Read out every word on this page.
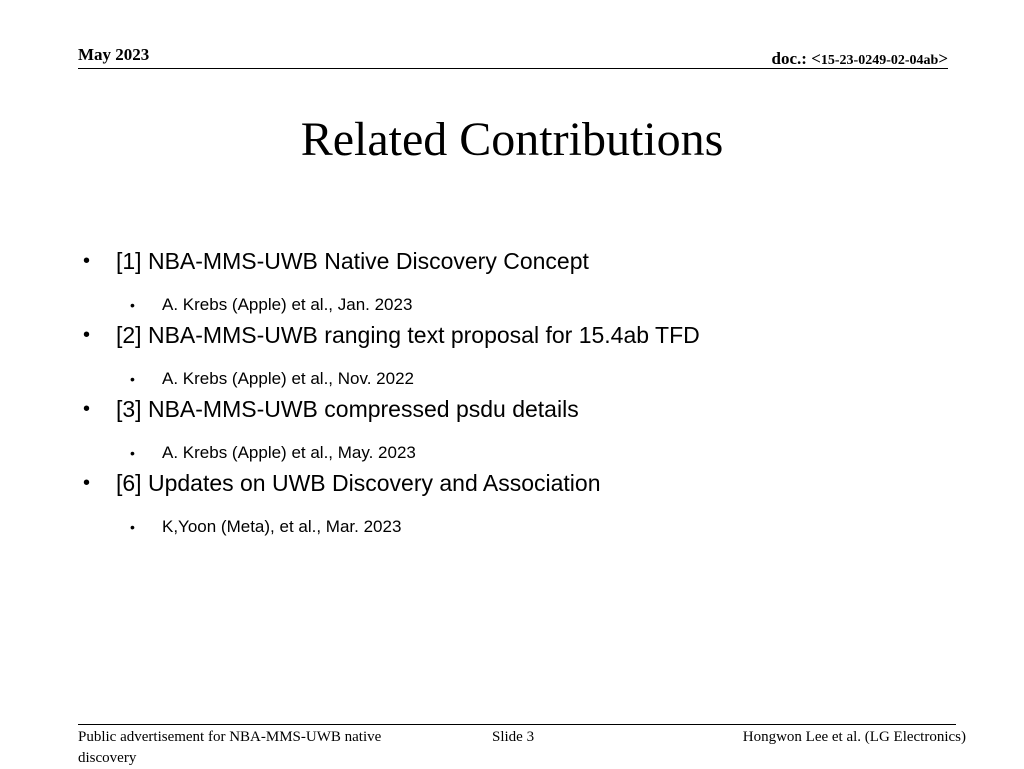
May 2023	doc.: <15-23-0249-02-04ab>
Related Contributions
• [1] NBA-MMS-UWB Native Discovery Concept
• A. Krebs (Apple) et al., Jan. 2023
• [2] NBA-MMS-UWB ranging text proposal for 15.4ab TFD
• A. Krebs (Apple) et al., Nov. 2022
• [3] NBA-MMS-UWB compressed psdu details
• A. Krebs (Apple) et al., May. 2023
• [6] Updates on UWB Discovery and Association
• K,Yoon (Meta), et al., Mar. 2023
Public advertisement for NBA-MMS-UWB native discovery
Slide 3	Hongwon Lee et al. (LG Electronics)
